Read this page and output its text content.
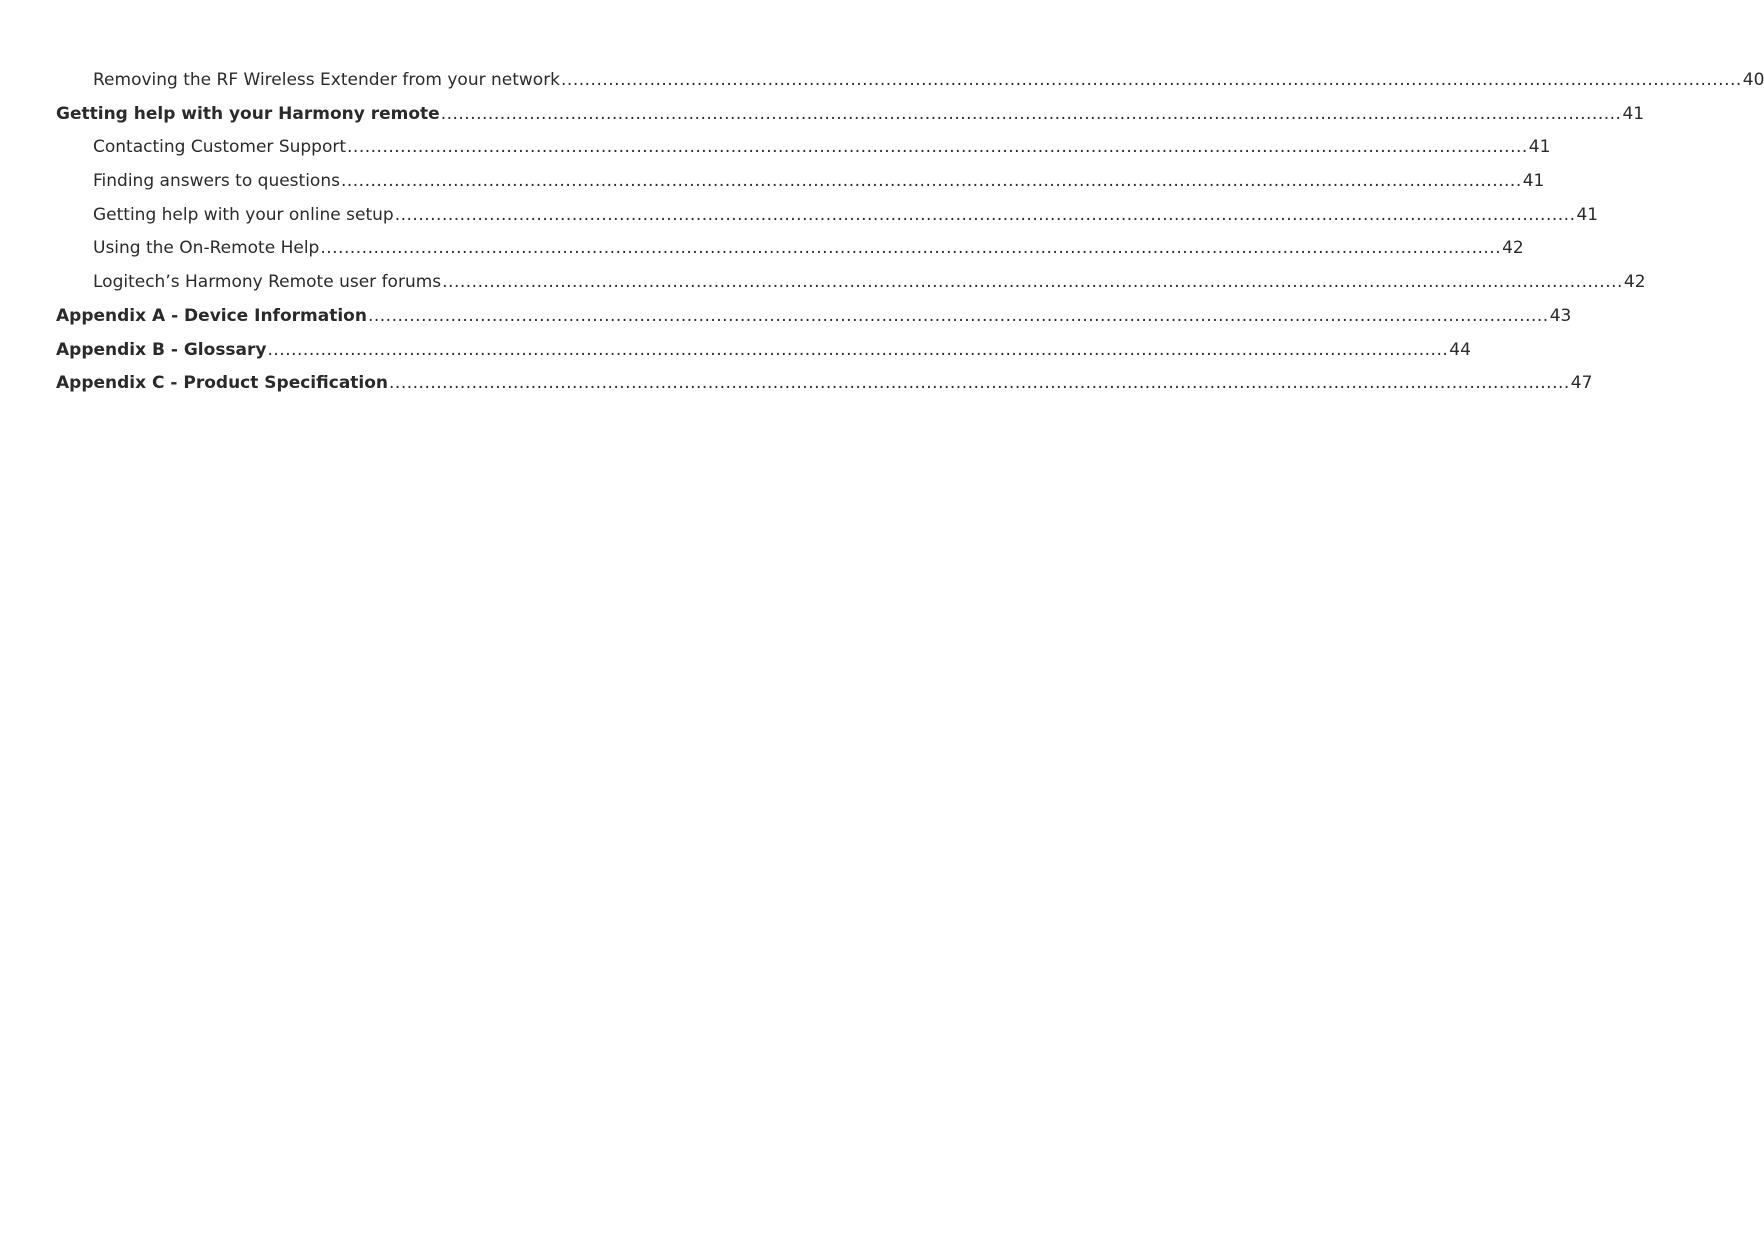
Removing the RF Wireless Extender from your network ........................................................................................................................................................................................................ 40
Getting help with your Harmony remote ........................................................................................................................................................................................................ 41
Contacting Customer Support ........................................................................................................................................................................................................ 41
Finding answers to questions ........................................................................................................................................................................................................ 41
Getting help with your online setup ........................................................................................................................................................................................................ 41
Using the On-Remote Help ........................................................................................................................................................................................................ 42
Logitech’s Harmony Remote user forums ........................................................................................................................................................................................................ 42
Appendix A - Device Information ........................................................................................................................................................................................................ 43
Appendix B - Glossary ........................................................................................................................................................................................................ 44
Appendix C - Product Specification ........................................................................................................................................................................................................ 47
